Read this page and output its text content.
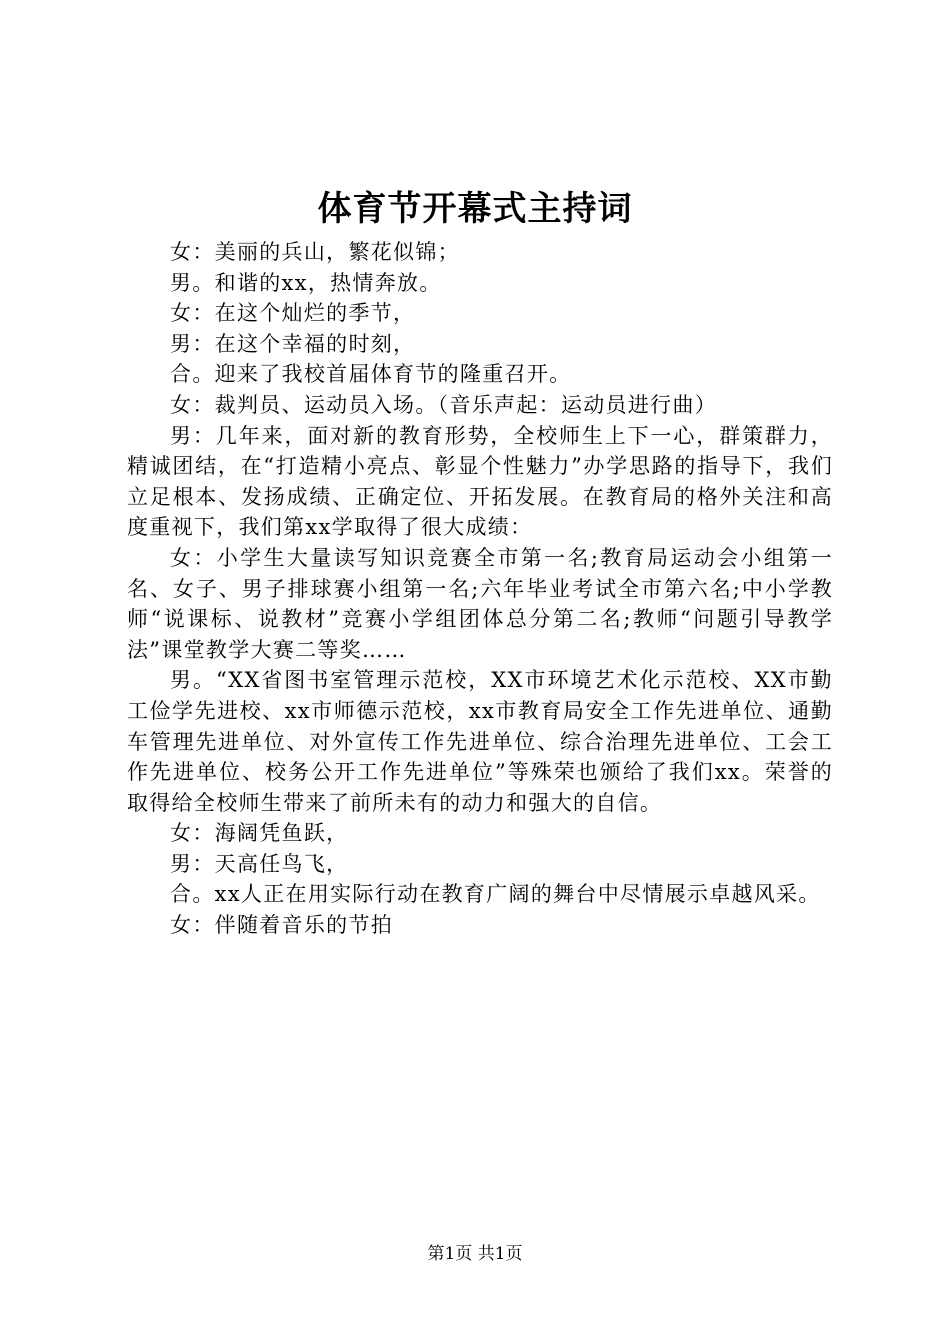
体育节开幕式主持词

女：美丽的兵山，繁花似锦；

男。和谐的xx，热情奔放。

女：在这个灿烂的季节，

男：在这个幸福的时刻，

合。迎来了我校首届体育节的隆重召开。

女：裁判员、运动员入场。（音乐声起：运动员进行曲）

男：几年来，面对新的教育形势，全校师生上下一心，群策群力，精诚团结，在“打造精小亮点、彰显个性魅力”办学思路的指导下，我们立足根本、发扬成绩、正确定位、开拓发展。在教育局的格外关注和高度重视下，我们第xx学取得了很大成绩：

女：小学生大量读写知识竞赛全市第一名;教育局运动会小组第一名、女子、男子排球赛小组第一名;六年毕业考试全市第六名;中小学教师“说课标、说教材”竞赛小学组团体总分第二名;教师“问题引导教学法”课堂教学大赛二等奖……

男。“XX省图书室管理示范校，XX市环境艺术化示范校、XX市勤工俭学先进校、xx市师德示范校，xx市教育局安全工作先进单位、通勤车管理先进单位、对外宣传工作先进单位、综合治理先进单位、工会工作先进单位、校务公开工作先进单位”等殊荣也颁给了我们xx。荣誉的取得给全校师生带来了前所未有的动力和强大的自信。

女：海阔凭鱼跃，

男：天高任鸟飞，

合。xx人正在用实际行动在教育广阔的舞台中尽情展示卓越风采。

女：伴随着音乐的节拍

第1页 共1页
